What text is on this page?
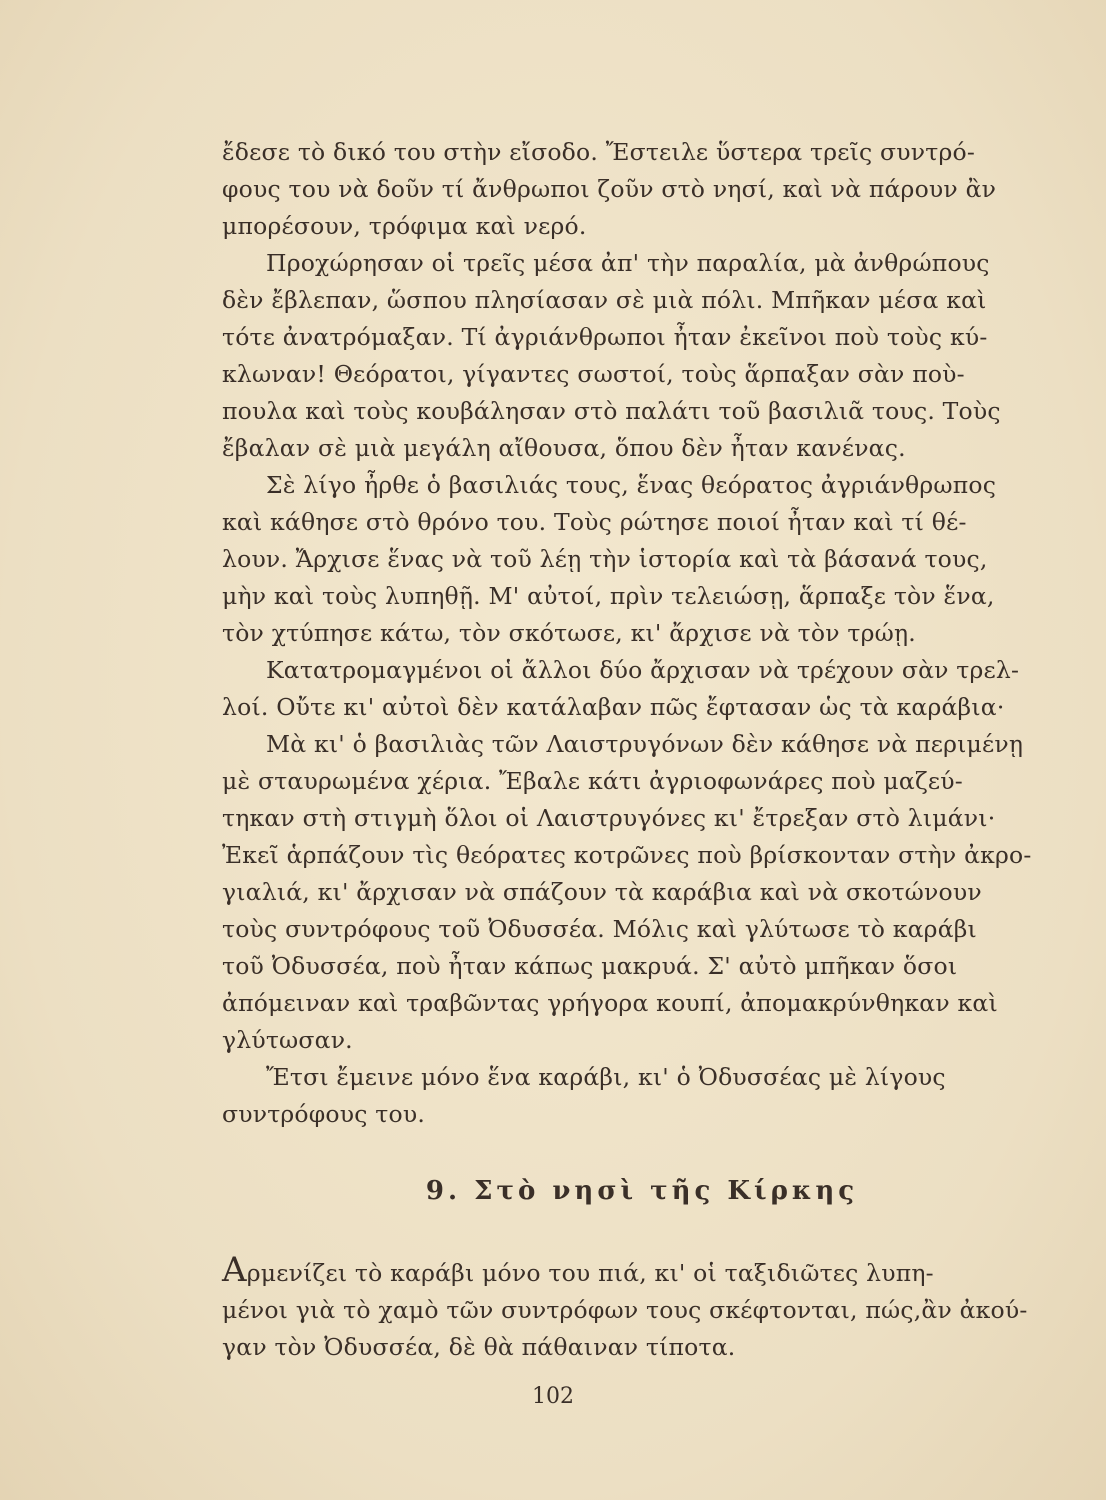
ἔδεσε τὸ δικό του στὴν εἴσοδο. Ἔστειλε ὕστερα τρεῖς συντρό-
φους του νὰ δοῦν τί ἄνθρωποι ζοῦν στὸ νησί, καὶ νὰ πάρουν ἂν
μπορέσουν, τρόφιμα καὶ νερό.
Προχώρησαν οἱ τρεῖς μέσα ἀπ' τὴν παραλία, μὰ ἀνθρώπους
δὲν ἔβλεπαν, ὥσπου πλησίασαν σὲ μιὰ πόλι. Μπῆκαν μέσα καὶ
τότε ἀνατρόμαξαν. Τί ἀγριάνθρωποι ἦταν ἐκεῖνοι ποὺ τοὺς κύ-
κλωναν! Θεόρατοι, γίγαντες σωστοί, τοὺς ἅρπαξαν σὰν ποὺ-
πουλα καὶ τοὺς κουβάλησαν στὸ παλάτι τοῦ βασιλιᾶ τους. Τοὺς
ἔβαλαν σὲ μιὰ μεγάλη αἴθουσα, ὅπου δὲν ἦταν κανένας.
Σὲ λίγο ἦρθε ὁ βασιλιάς τους, ἕνας θεόρατος ἀγριάνθρωπος
καὶ κάθησε στὸ θρόνο του. Τοὺς ρώτησε ποιοί ἦταν καὶ τί θέ-
λουν. Ἄρχισε ἕνας νὰ τοῦ λέῃ τὴν ἱστορία καὶ τὰ βάσανά τους,
μὴν καὶ τοὺς λυπηθῇ. Μ' αὐτοί, πρὶν τελειώσῃ, ἅρπαξε τὸν ἕνα,
τὸν χτύπησε κάτω, τὸν σκότωσε, κι' ἄρχισε νὰ τὸν τρώῃ.
Κατατρομαγμένοι οἱ ἄλλοι δύο ἄρχισαν νὰ τρέχουν σὰν τρελ-
λοί. Οὔτε κι' αὐτοὶ δὲν κατάλαβαν πῶς ἔφτασαν ὡς τὰ καράβια·
Μὰ κι' ὁ βασιλιὰς τῶν Λαιστρυγόνων δὲν κάθησε νὰ περιμένῃ
μὲ σταυρωμένα χέρια. Ἔβαλε κάτι ἀγριοφωνάρες ποὺ μαζεύ-
τηκαν στὴ στιγμὴ ὅλοι οἱ Λαιστρυγόνες κι' ἔτρεξαν στὸ λιμάνι·
Ἐκεῖ ἁρπάζουν τὶς θεόρατες κοτρῶνες ποὺ βρίσκονταν στὴν ἀκρο-
γιαλιά, κι' ἄρχισαν νὰ σπάζουν τὰ καράβια καὶ νὰ σκοτώνουν
τοὺς συντρόφους τοῦ Ὀδυσσέα. Μόλις καὶ γλύτωσε τὸ καράβι
τοῦ Ὀδυσσέα, ποὺ ἦταν κάπως μακρυά. Σ' αὐτὸ μπῆκαν ὅσοι
ἀπόμειναν καὶ τραβῶντας γρήγορα κουπί, ἀπομακρύνθηκαν καὶ
γλύτωσαν.
Ἔτσι ἔμεινε μόνο ἕνα καράβι, κι' ὁ Ὀδυσσέας μὲ λίγους
συντρόφους του.
9. Στὸ νησὶ τῆς Κίρκης
Αρμενίζει τὸ καράβι μόνο του πιά, κι' οἱ ταξιδιῶτες λυπη-
μένοι γιὰ τὸ χαμὸ τῶν συντρόφων τους σκέφτονται, πώς,ἂν ἀκού-
γαν τὸν Ὀδυσσέα, δὲ θὰ πάθαιναν τίποτα.
102
